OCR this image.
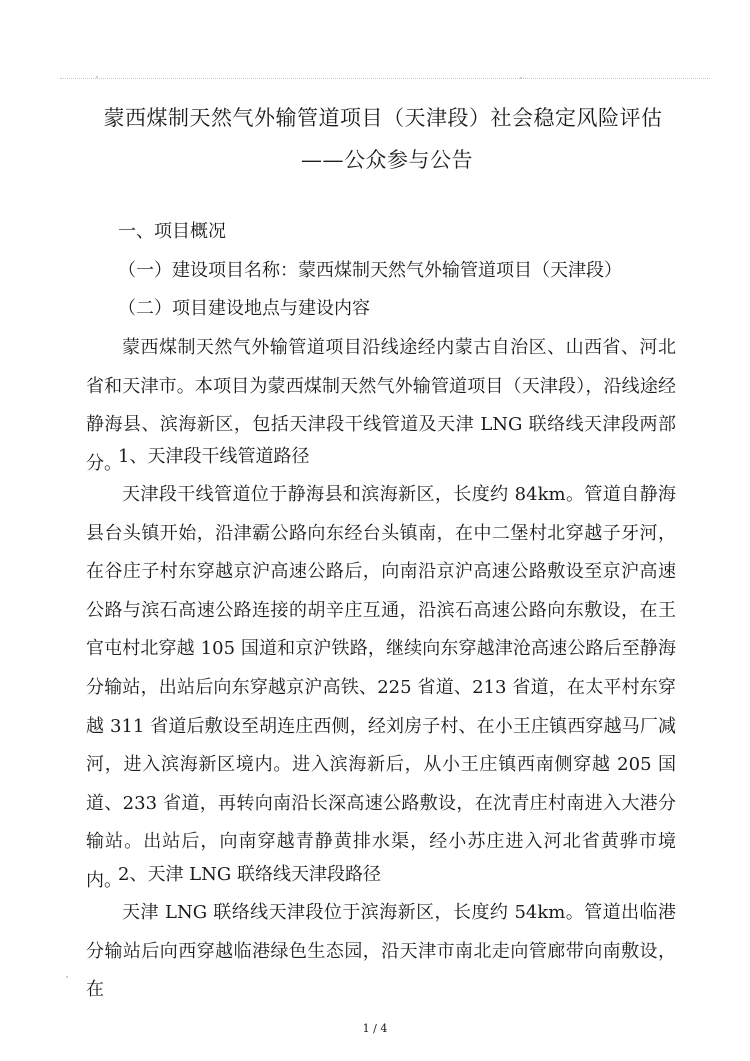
蒙西煤制天然气外输管道项目（天津段）社会稳定风险评估
——公众参与公告

一、项目概况

（一）建设项目名称：蒙西煤制天然气外输管道项目（天津段）

（二）项目建设地点与建设内容

蒙西煤制天然气外输管道项目沿线途经内蒙古自治区、山西省、河北省和天津市。本项目为蒙西煤制天然气外输管道项目（天津段），沿线途经静海县、滨海新区，包括天津段干线管道及天津 LNG 联络线天津段两部分。

1、天津段干线管道路径

天津段干线管道位于静海县和滨海新区，长度约 84km。管道自静海县台头镇开始，沿津霸公路向东经台头镇南，在中二堡村北穿越子牙河，在谷庄子村东穿越京沪高速公路后，向南沿京沪高速公路敷设至京沪高速公路与滨石高速公路连接的胡辛庄互通，沿滨石高速公路向东敷设，在王官屯村北穿越 105 国道和京沪铁路，继续向东穿越津沧高速公路后至静海分输站，出站后向东穿越京沪高铁、225 省道、213 省道，在太平村东穿越 311 省道后敷设至胡连庄西侧，经刘房子村、在小王庄镇西穿越马厂减河，进入滨海新区境内。进入滨海新后，从小王庄镇西南侧穿越 205 国道、233 省道，再转向南沿长深高速公路敷设，在沈青庄村南进入大港分输站。出站后，向南穿越青静黄排水渠，经小苏庄进入河北省黄骅市境内。

2、天津 LNG 联络线天津段路径

天津 LNG 联络线天津段位于滨海新区，长度约 54km。管道出临港分输站后向西穿越临港绿色生态园，沿天津市南北走向管廊带向南敷设，在

1 / 4
